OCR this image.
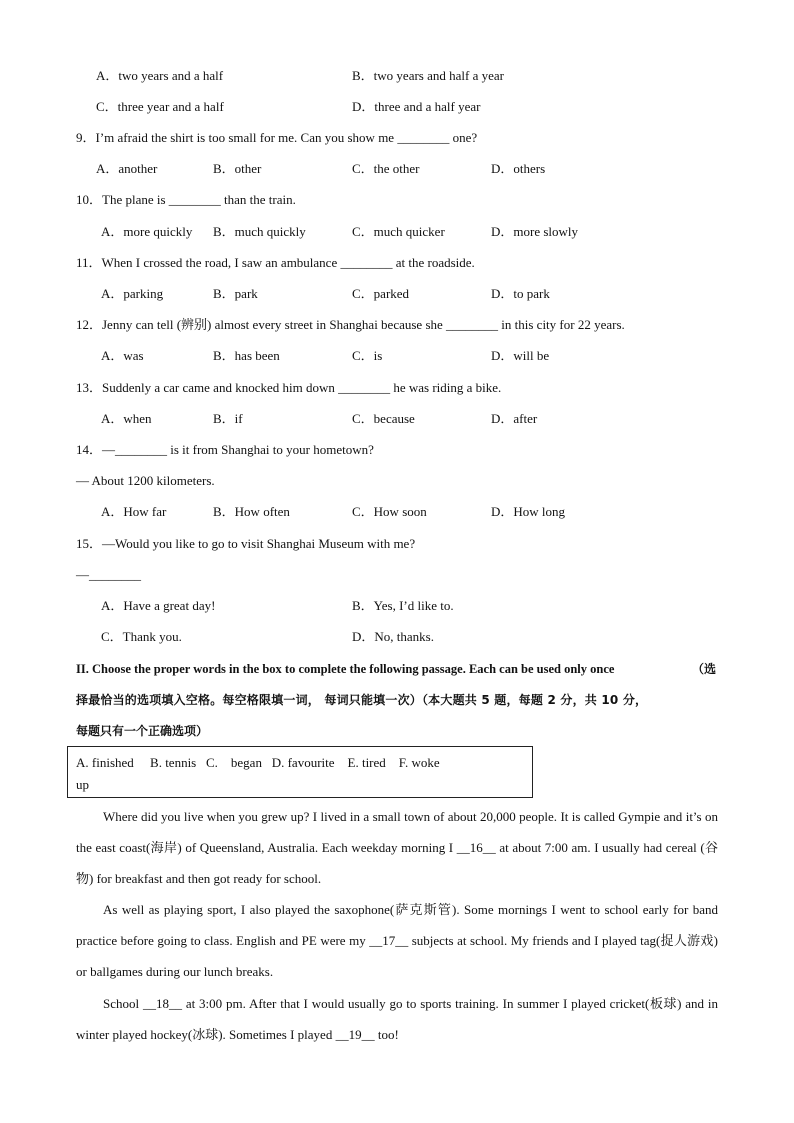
A．two years and a half	B．two years and half a year
C．three year and a half	D．three and a half year
9．I’m afraid the shirt is too small for me. Can you show me ________ one?
A．another	B．other	C．the other	D．others
10．The plane is ________ than the train.
A．more quickly B．much quickly	C．much quicker	D．more slowly
11．When I crossed the road, I saw an ambulance ________ at the roadside.
A．parking	B．park	C．parked	D．to park
12．Jenny can tell (辨别) almost every street in Shanghai because she ________ in this city for 22 years.
A．was	B．has been	C．is	D．will be
13．Suddenly a car came and knocked him down ________ he was riding a bike.
A．when	B．if	C．because	D．after
14．—________ is it from Shanghai to your hometown?
— About 1200 kilometers.
A．How far	B．How often	C．How soon	D．How long
15．—Would you like to go to visit Shanghai Museum with me?
—________
A．Have a great day!	B．Yes, I’d like to.
C．Thank you.	D．No, thanks.
II. Choose the proper words in the box to complete the following passage. Each can be used only once	（选
择最恰当的选项填入空格。每空格限填一词， 每词只能填一次）（本大题共 5 题，每题 2 分，共 10 分，
每题只有一个正确选项）
A. finished     B. tennis   C.    began   D. favourite    E. tired    F. woke
up
Where did you live when you grew up? I lived in a small town of about 20,000 people. It is called Gympie and it’s on the east coast(海岸) of Queensland, Australia. Each weekday morning I __16__ at about 7:00 am. I usually had cereal (谷物) for breakfast and then got ready for school.
As well as playing sport, I also played the saxophone(萨克斯管). Some mornings I went to school early for band practice before going to class. English and PE were my __17__ subjects at school. My friends and I played tag(捉人游戏) or ballgames during our lunch breaks.
School __18__ at 3:00 pm. After that I would usually go to sports training. In summer I played cricket(板球) and in winter played hockey(冰球). Sometimes I played __19__ too!
